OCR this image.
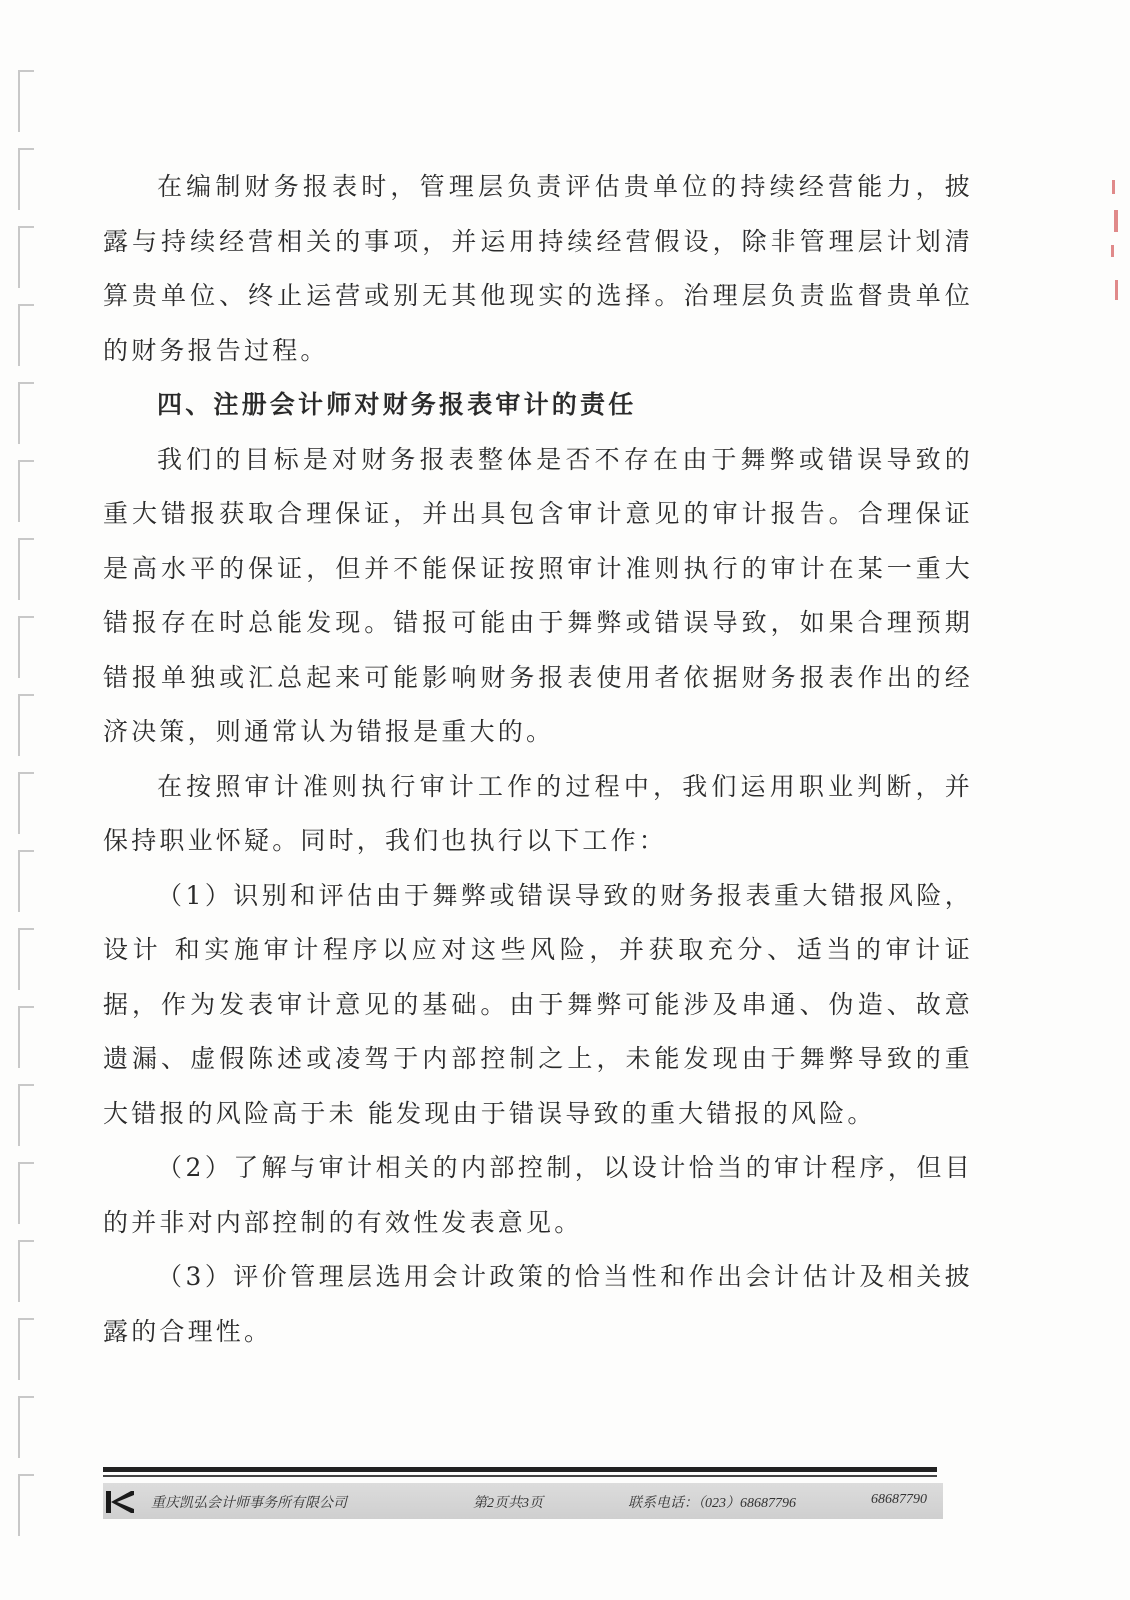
在编制财务报表时，管理层负责评估贵单位的持续经营能力，披露与持续经营相关的事项，并运用持续经营假设，除非管理层计划清算贵单位、终止运营或别无其他现实的选择。治理层负责监督贵单位的财务报告过程。

四、注册会计师对财务报表审计的责任

我们的目标是对财务报表整体是否不存在由于舞弊或错误导致的重大错报获取合理保证，并出具包含审计意见的审计报告。合理保证是高水平的保证，但并不能保证按照审计准则执行的审计在某一重大错报存在时总能发现。错报可能由于舞弊或错误导致，如果合理预期错报单独或汇总起来可能影响财务报表使用者依据财务报表作出的经济决策，则通常认为错报是重大的。

在按照审计准则执行审计工作的过程中，我们运用职业判断，并保持职业怀疑。同时，我们也执行以下工作：

（1）识别和评估由于舞弊或错误导致的财务报表重大错报风险，设计 和实施审计程序以应对这些风险，并获取充分、适当的审计证据，作为发表审计意见的基础。由于舞弊可能涉及串通、伪造、故意遗漏、虚假陈述或凌驾于内部控制之上，未能发现由于舞弊导致的重大错报的风险高于未 能发现由于错误导致的重大错报的风险。

（2）了解与审计相关的内部控制，以设计恰当的审计程序，但目的并非对内部控制的有效性发表意见。

（3）评价管理层选用会计政策的恰当性和作出会计估计及相关披露的合理性。

重庆凯弘会计师事务所有限公司	第2页共3页	联系电话：（023）68687796	68687790
